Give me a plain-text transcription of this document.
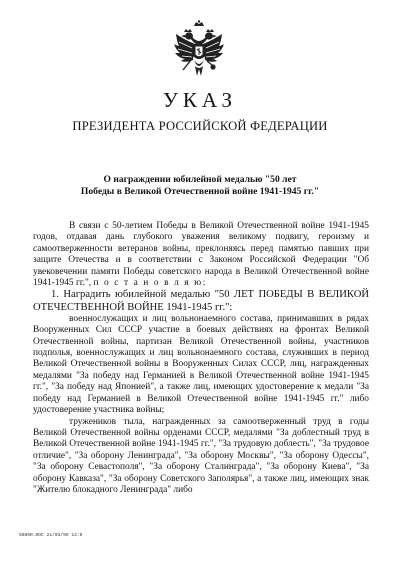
УКАЗ
ПРЕЗИДЕНТА РОССИЙСКОЙ ФЕДЕРАЦИИ
О награждении юбилейной медалью "50 лет
Победы в Великой Отечественной войне 1941-1945 гг."

В связи с 50-летием Победы в Великой Отечественной войне 1941-1945 годов, отдавая дань глубокого уважения великому подвигу, героизму и самоотверженности ветеранов войны, преклоняясь перед памятью павших при защите Отечества и в соответствии с Законом Российской Федерации "Об увековечении памяти Победы советского народа в Великой Отечественной войне 1941-1945 гг.", п о с т а н о в л я ю:

1. Наградить юбилейной медалью "50 ЛЕТ ПОБЕДЫ В ВЕЛИКОЙ ОТЕЧЕСТВЕННОЙ ВОЙНЕ 1941-1945 гг.":

военнослужащих и лиц вольнонаемного состава, принимавших в рядах Вооруженных Сил СССР участие в боевых действиях на фронтах Великой Отечественной войны, партизан Великой Отечественной войны, участников подполья, военнослужащих и лиц вольнонаемного состава, служивших в период Великой Отечественной войны в Вооруженных Силах СССР, лиц, награжденных медалями "За победу над Германией в Великой Отечественной войне 1941-1945 гг.", "За победу над Японией", а также лиц, имеющих удостоверение к медали "За победу над Германией в Великой Отечественной войне 1941-1945 гг." либо удостоверение участника войны;

тружеников тыла, награжденных за самоотверженный труд в годы Великой Отечественной войны орденами СССР, медалями "За доблестный труд в Великой Отечественной войне 1941-1945 гг.", "За трудовую доблесть", "За трудовое отличие", "За оборону Ленинграда", "За оборону Москвы", "За оборону Одессы", "За оборону Севастополя", "За оборону Сталинграда", "За оборону Киева", "За оборону Кавказа", "За оборону Советского Заполярья", а также лиц, имеющих знак "Жителю блокадного Ленинграда" либо

5085R.DOC 21/03/95 14:6
